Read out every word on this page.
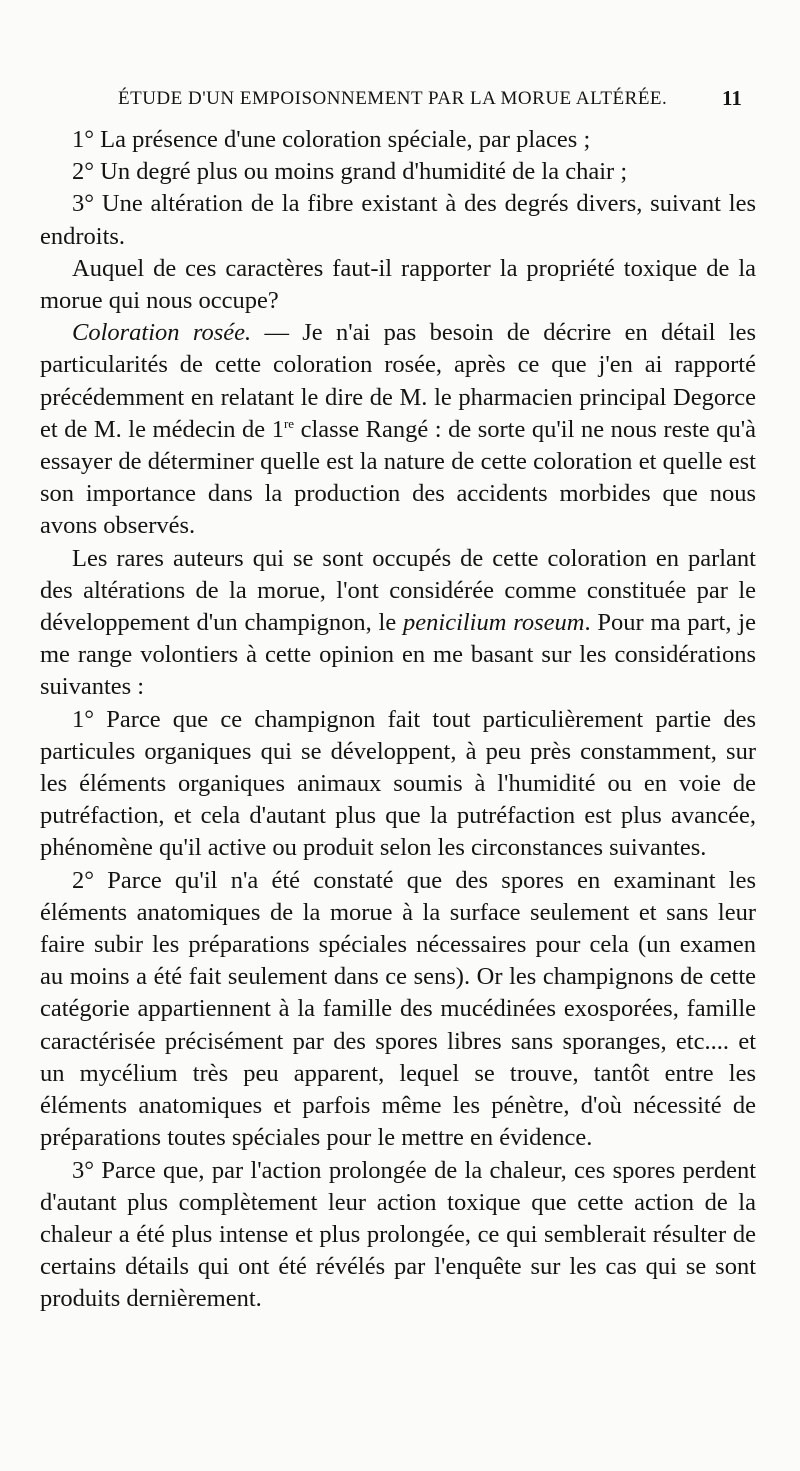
ÉTUDE D'UN EMPOISONNEMENT PAR LA MORUE ALTÉRÉE.	11

1° La présence d'une coloration spéciale, par places ;

2° Un degré plus ou moins grand d'humidité de la chair ;

3° Une altération de la fibre existant à des degrés divers, suivant les endroits.

Auquel de ces caractères faut-il rapporter la propriété toxique de la morue qui nous occupe?

Coloration rosée. — Je n'ai pas besoin de décrire en détail les particularités de cette coloration rosée, après ce que j'en ai rapporté précédemment en relatant le dire de M. le pharmacien principal Degorce et de M. le médecin de 1re classe Rangé : de sorte qu'il ne nous reste qu'à essayer de déterminer quelle est la nature de cette coloration et quelle est son importance dans la production des accidents morbides que nous avons observés.

Les rares auteurs qui se sont occupés de cette coloration en parlant des altérations de la morue, l'ont considérée comme constituée par le développement d'un champignon, le penicilium roseum. Pour ma part, je me range volontiers à cette opinion en me basant sur les considérations suivantes :

1° Parce que ce champignon fait tout particulièrement partie des particules organiques qui se développent, à peu près constamment, sur les éléments organiques animaux soumis à l'humidité ou en voie de putréfaction, et cela d'autant plus que la putréfaction est plus avancée, phénomène qu'il active ou produit selon les circonstances suivantes.

2° Parce qu'il n'a été constaté que des spores en examinant les éléments anatomiques de la morue à la surface seulement et sans leur faire subir les préparations spéciales nécessaires pour cela (un examen au moins a été fait seulement dans ce sens). Or les champignons de cette catégorie appartiennent à la famille des mucédinées exosporées, famille caractérisée précisément par des spores libres sans sporanges, etc.... et un mycélium très peu apparent, lequel se trouve, tantôt entre les éléments anatomiques et parfois même les pénètre, d'où nécessité de préparations toutes spéciales pour le mettre en évidence.

3° Parce que, par l'action prolongée de la chaleur, ces spores perdent d'autant plus complètement leur action toxique que cette action de la chaleur a été plus intense et plus prolongée, ce qui semblerait résulter de certains détails qui ont été révélés par l'enquête sur les cas qui se sont produits dernièrement.
